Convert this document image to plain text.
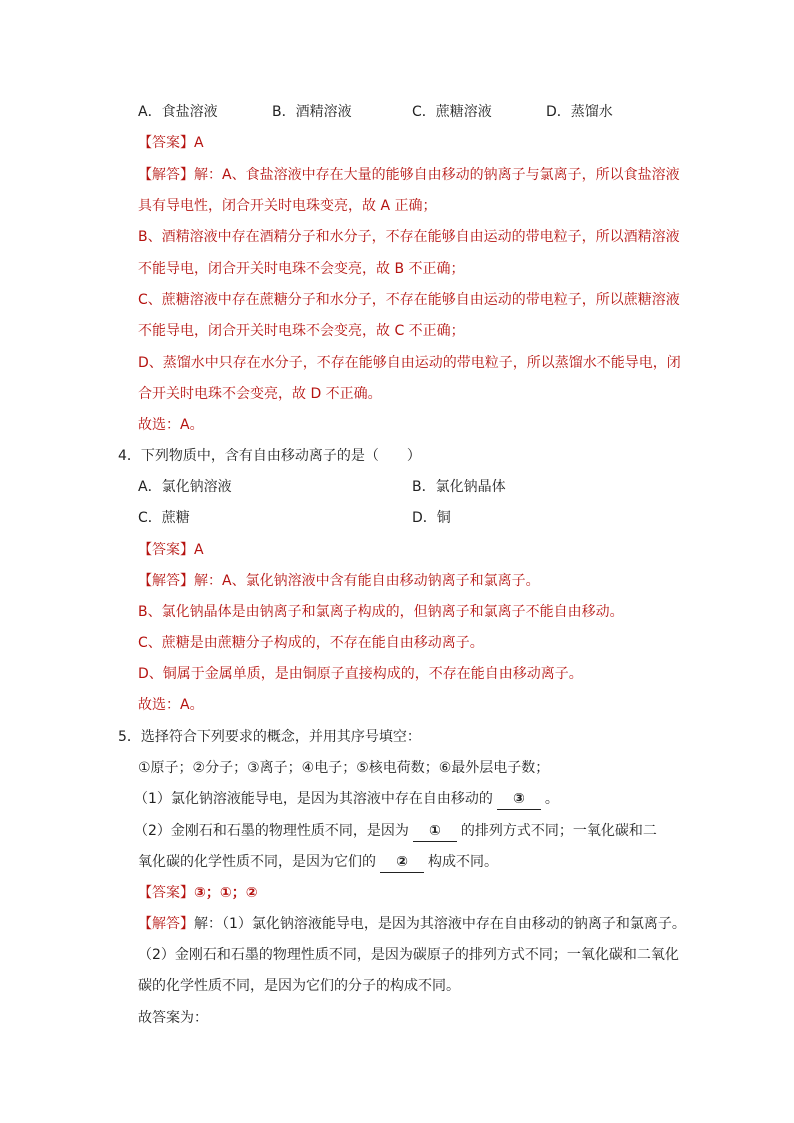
A．食盐溶液	B．酒精溶液	C．蔗糖溶液	D．蒸馏水
【答案】A
【解答】解：A、食盐溶液中存在大量的能够自由移动的钠离子与氯离子，所以食盐溶液
具有导电性，闭合开关时电珠变亮，故 A 正确；
B、酒精溶液中存在酒精分子和水分子，不存在能够自由运动的带电粒子，所以酒精溶液
不能导电，闭合开关时电珠不会变亮，故 B 不正确；
C、蔗糖溶液中存在蔗糖分子和水分子，不存在能够自由运动的带电粒子，所以蔗糖溶液
不能导电，闭合开关时电珠不会变亮，故 C 不正确；
D、蒸馏水中只存在水分子，不存在能够自由运动的带电粒子，所以蒸馏水不能导电，闭
合开关时电珠不会变亮，故 D 不正确。
故选：A。
4．下列物质中，含有自由移动离子的是（　　）
A．氯化钠溶液	B．氯化钠晶体
C．蔗糖	D．铜
【答案】A
【解答】解：A、氯化钠溶液中含有能自由移动钠离子和氯离子。
B、氯化钠晶体是由钠离子和氯离子构成的，但钠离子和氯离子不能自由移动。
C、蔗糖是由蔗糖分子构成的，不存在能自由移动离子。
D、铜属于金属单质，是由铜原子直接构成的，不存在能自由移动离子。
故选：A。
5．选择符合下列要求的概念，并用其序号填空：
①原子；②分子；③离子；④电子；⑤核电荷数；⑥最外层电子数；
（1）氯化钠溶液能导电，是因为其溶液中存在自由移动的 ③ 。
（2）金刚石和石墨的物理性质不同，是因为 ① 的排列方式不同；一氧化碳和二
氧化碳的化学性质不同，是因为它们的 ② 构成不同。
【答案】③；①；②
【解答】解：（1）氯化钠溶液能导电，是因为其溶液中存在自由移动的钠离子和氯离子。
（2）金刚石和石墨的物理性质不同，是因为碳原子的排列方式不同；一氧化碳和二氧化
碳的化学性质不同，是因为它们的分子的构成不同。
故答案为：
